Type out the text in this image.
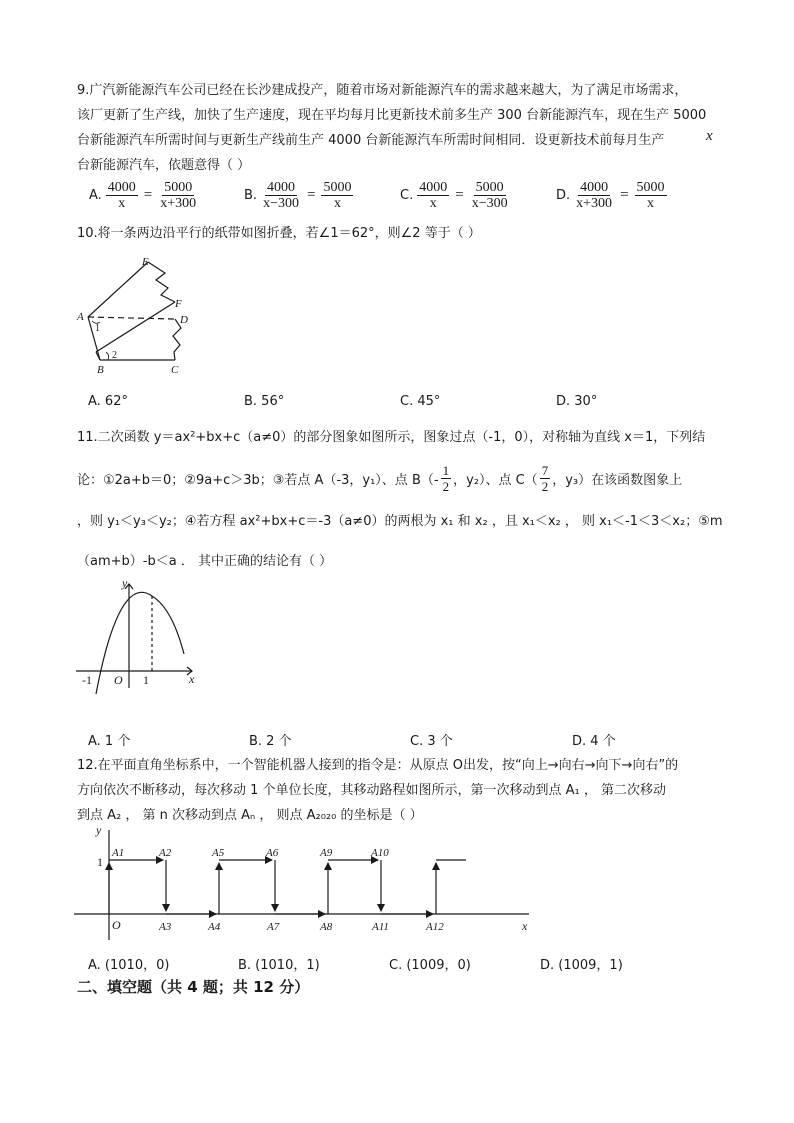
9.广汽新能源汽车公司已经在长沙建成投产，随着市场对新能源汽车的需求越来越大，为了满足市场需求，
该厂更新了生产线，加快了生产速度，现在平均每月比更新技术前多生产 300 台新能源汽车，现在生产 5000
台新能源汽车所需时间与更新生产线前生产 4000 台新能源汽车所需时间相同．设更新技术前每月生产	x
台新能源汽车，依题意得（ ）
A. $\frac{4000}{x} = \frac{5000}{x+300}$	B. $\frac{4000}{x-300} = \frac{5000}{x}$	C. $\frac{4000}{x} = \frac{5000}{x-300}$	D. $\frac{4000}{x+300} = \frac{5000}{x}$
10.将一条两边沿平行的纸带如图折叠，若∠1＝62°，则∠2 等于（ ）
E
F
A	D
B	C
1
2
A. 62°	B. 56°	C. 45°	D. 30°
11.二次函数 y＝ax²+bx+c（a≠0）的部分图象如图所示，图象过点（-1，0），对称轴为直线 x＝1，下列结
论：①2a+b＝0；②9a+c＞3b；③若点 A（-3，y₁）、点 $B(- \frac{1}{2}$ ，y₂）、点 $C( \frac{7}{2}$ ，y₃）在该函数图象上
，则 y₁＜y₃＜y₂；④若方程 ax²+bx+c＝-3（a≠0）的两根为 x₁ 和 x₂ ，且 x₁＜x₂ ， 则 x₁＜-1＜3＜x₂；⑤m
（am+b）-b＜a ． 其中正确的结论有（ ）
y
x
-1 O 1
A. 1 个	B. 2 个	C. 3 个	D. 4 个
12.在平面直角坐标系中，一个智能机器人接到的指令是：从原点 O出发，按“向上→向右→向下→向右”的
方向依次不断移动，每次移动 1 个单位长度，其移动路程如图所示，第一次移动到点 A₁ ， 第二次移动
到点 A₂ ， 第 n 次移动到点 Aₙ ， 则点 A₂₀₂₀ 的坐标是（ ）
y
x
1
O
A1	A2
A3	A4
A5	A6
A7	A8
A9	A10
A11	A12
A. (1010，0)	B. (1010，1)	C. (1009，0)	D. (1009，1)
二、填空题（共 4 题；共 12 分）
